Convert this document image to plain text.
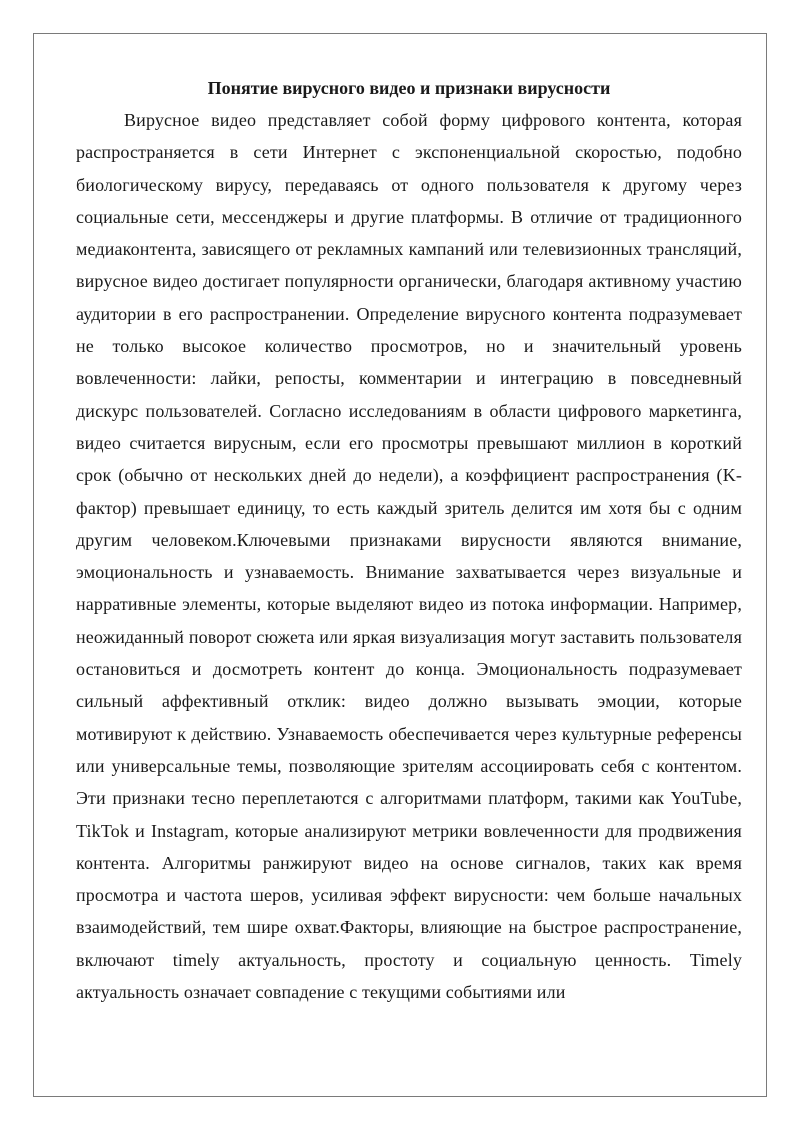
Понятие вирусного видео и признаки вирусности

Вирусное видео представляет собой форму цифрового контента, которая распространяется в сети Интернет с экспоненциальной скоростью, подобно биологическому вирусу, передаваясь от одного пользователя к другому через социальные сети, мессенджеры и другие платформы. В отличие от традиционного медиаконтента, зависящего от рекламных кампаний или телевизионных трансляций, вирусное видео достигает популярности органически, благодаря активному участию аудитории в его распространении. Определение вирусного контента подразумевает не только высокое количество просмотров, но и значительный уровень вовлеченности: лайки, репосты, комментарии и интеграцию в повседневный дискурс пользователей. Согласно исследованиям в области цифрового маркетинга, видео считается вирусным, если его просмотры превышают миллион в короткий срок (обычно от нескольких дней до недели), а коэффициент распространения (K-фактор) превышает единицу, то есть каждый зритель делится им хотя бы с одним другим человеком.Ключевыми признаками вирусности являются внимание, эмоциональность и узнаваемость. Внимание захватывается через визуальные и нарративные элементы, которые выделяют видео из потока информации. Например, неожиданный поворот сюжета или яркая визуализация могут заставить пользователя остановиться и досмотреть контент до конца. Эмоциональность подразумевает сильный аффективный отклик: видео должно вызывать эмоции, которые мотивируют к действию. Узнаваемость обеспечивается через культурные референсы или универсальные темы, позволяющие зрителям ассоциировать себя с контентом. Эти признаки тесно переплетаются с алгоритмами платформ, такими как YouTube, TikTok и Instagram, которые анализируют метрики вовлеченности для продвижения контента. Алгоритмы ранжируют видео на основе сигналов, таких как время просмотра и частота шеров, усиливая эффект вирусности: чем больше начальных взаимодействий, тем шире охват.Факторы, влияющие на быстрое распространение, включают timely актуальность, простоту и социальную ценность. Timely актуальность означает совпадение с текущими событиями или
